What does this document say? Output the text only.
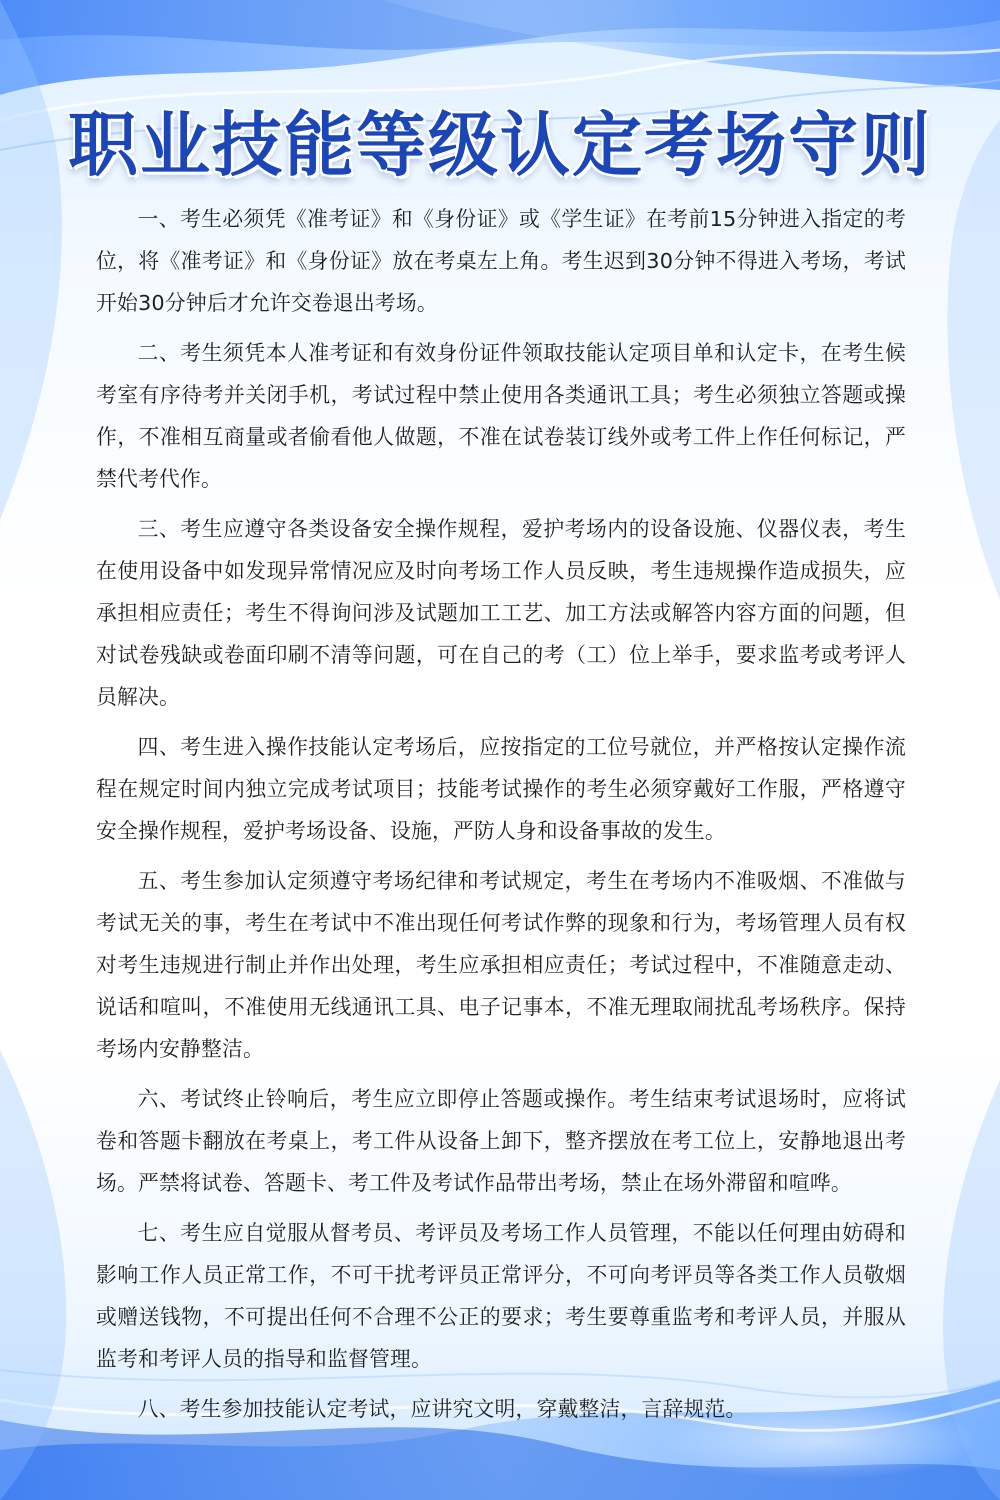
职业技能等级认定考场守则

一、考生必须凭《准考证》和《身份证》或《学生证》在考前15分钟进入指定的考位，将《准考证》和《身份证》放在考桌左上角。考生迟到30分钟不得进入考场，考试开始30分钟后才允许交卷退出考场。

二、考生须凭本人准考证和有效身份证件领取技能认定项目单和认定卡，在考生候考室有序待考并关闭手机，考试过程中禁止使用各类通讯工具；考生必须独立答题或操作，不准相互商量或者偷看他人做题，不准在试卷装订线外或考工件上作任何标记，严禁代考代作。

三、考生应遵守各类设备安全操作规程，爱护考场内的设备设施、仪器仪表，考生在使用设备中如发现异常情况应及时向考场工作人员反映，考生违规操作造成损失，应承担相应责任；考生不得询问涉及试题加工工艺、加工方法或解答内容方面的问题，但对试卷残缺或卷面印刷不清等问题，可在自己的考（工）位上举手，要求监考或考评人员解决。

四、考生进入操作技能认定考场后，应按指定的工位号就位，并严格按认定操作流程在规定时间内独立完成考试项目；技能考试操作的考生必须穿戴好工作服，严格遵守安全操作规程，爱护考场设备、设施，严防人身和设备事故的发生。

五、考生参加认定须遵守考场纪律和考试规定，考生在考场内不准吸烟、不准做与考试无关的事，考生在考试中不准出现任何考试作弊的现象和行为，考场管理人员有权对考生违规进行制止并作出处理，考生应承担相应责任；考试过程中，不准随意走动、说话和喧叫，不准使用无线通讯工具、电子记事本，不准无理取闹扰乱考场秩序。保持考场内安静整洁。

六、考试终止铃响后，考生应立即停止答题或操作。考生结束考试退场时，应将试卷和答题卡翻放在考桌上，考工件从设备上卸下，整齐摆放在考工位上，安静地退出考场。严禁将试卷、答题卡、考工件及考试作品带出考场，禁止在场外滞留和喧哗。

七、考生应自觉服从督考员、考评员及考场工作人员管理，不能以任何理由妨碍和影响工作人员正常工作，不可干扰考评员正常评分，不可向考评员等各类工作人员敬烟或赠送钱物，不可提出任何不合理不公正的要求；考生要尊重监考和考评人员，并服从监考和考评人员的指导和监督管理。

八、考生参加技能认定考试，应讲究文明，穿戴整洁，言辞规范。
